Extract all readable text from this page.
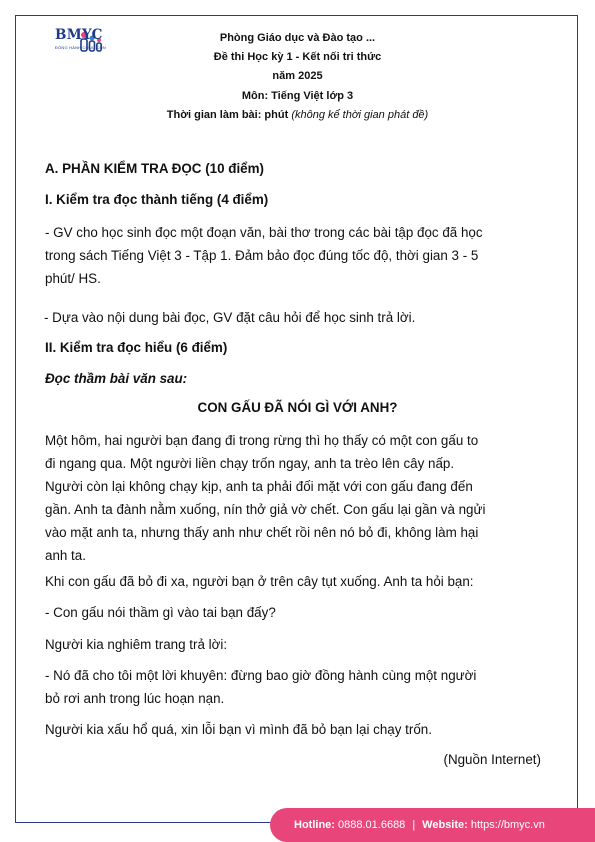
BMYC
ĐỒNG HÀNH CÙNG CON
Phòng Giáo dục và Đào tạo ...
Đề thi Học kỳ 1 - Kết nối tri thức
năm 2025
Môn: Tiếng Việt lớp 3
Thời gian làm bài: phút (không kể thời gian phát đề)
A. PHẦN KIỂM TRA ĐỌC (10 điểm)
I. Kiểm tra đọc thành tiếng (4 điểm)
- GV cho học sinh đọc một đoạn văn, bài thơ trong các bài tập đọc đã học
trong sách Tiếng Việt 3 - Tập 1. Đảm bảo đọc đúng tốc độ, thời gian 3 - 5
phút/ HS.
- Dựa vào nội dung bài đọc, GV đặt câu hỏi để học sinh trả lời.
II. Kiểm tra đọc hiểu (6 điểm)
Đọc thầm bài văn sau:
CON GẤU ĐÃ NÓI GÌ VỚI ANH?
Một hôm, hai người bạn đang đi trong rừng thì họ thấy có một con gấu to
đi ngang qua. Một người liền chạy trốn ngay, anh ta trèo lên cây nấp.
Người còn lại không chạy kịp, anh ta phải đối mặt với con gấu đang đến
gần. Anh ta đành nằm xuống, nín thở giả vờ chết. Con gấu lại gần và ngửi
vào mặt anh ta, nhưng thấy anh như chết rồi nên nó bỏ đi, không làm hại
anh ta.
Khi con gấu đã bỏ đi xa, người bạn ở trên cây tụt xuống. Anh ta hỏi bạn:
- Con gấu nói thầm gì vào tai bạn đấy?
Người kia nghiêm trang trả lời:
- Nó đã cho tôi một lời khuyên: đừng bao giờ đồng hành cùng một người
bỏ rơi anh trong lúc hoạn nạn.
Người kia xấu hổ quá, xin lỗi bạn vì mình đã bỏ bạn lại chạy trốn.
(Nguồn Internet)
Hotline:
0888.01.6688 | Website:
https://bmyc.vn
